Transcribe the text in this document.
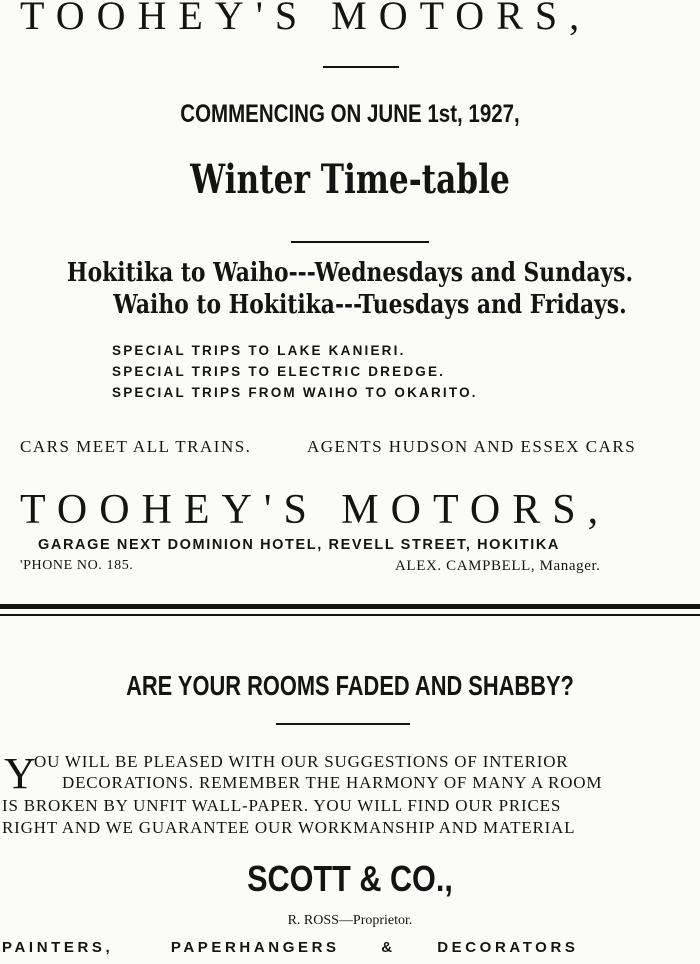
TOOHEY'S MOTORS,
COMMENCING ON JUNE 1st, 1927,
Winter Time-table
Hokitika to Waiho---Wednesdays and Sundays.
Waiho to Hokitika---Tuesdays and Fridays.
SPECIAL TRIPS TO LAKE KANIERI.
SPECIAL TRIPS TO ELECTRIC DREDGE.
SPECIAL TRIPS FROM WAIHO TO OKARITO.
CARS MEET ALL TRAINS.	AGENTS HUDSON AND ESSEX CARS
TOOHEY'S MOTORS,
GARAGE NEXT DOMINION HOTEL, REVELL STREET, HOKITIKA
'PHONE NO. 185.	ALEX. CAMPBELL, Manager.
ARE YOUR ROOMS FADED AND SHABBY?
Y
OU WILL BE PLEASED WITH OUR SUGGESTIONS OF INTERIOR
DECORATIONS. REMEMBER THE HARMONY OF MANY A ROOM
IS BROKEN BY UNFIT WALL-PAPER. YOU WILL FIND OUR PRICES
RIGHT AND WE GUARANTEE OUR WORKMANSHIP AND MATERIAL
SCOTT & CO.,
R. ROSS—Proprietor.
PAINTERS,	PAPERHANGERS	&	DECORATORS
